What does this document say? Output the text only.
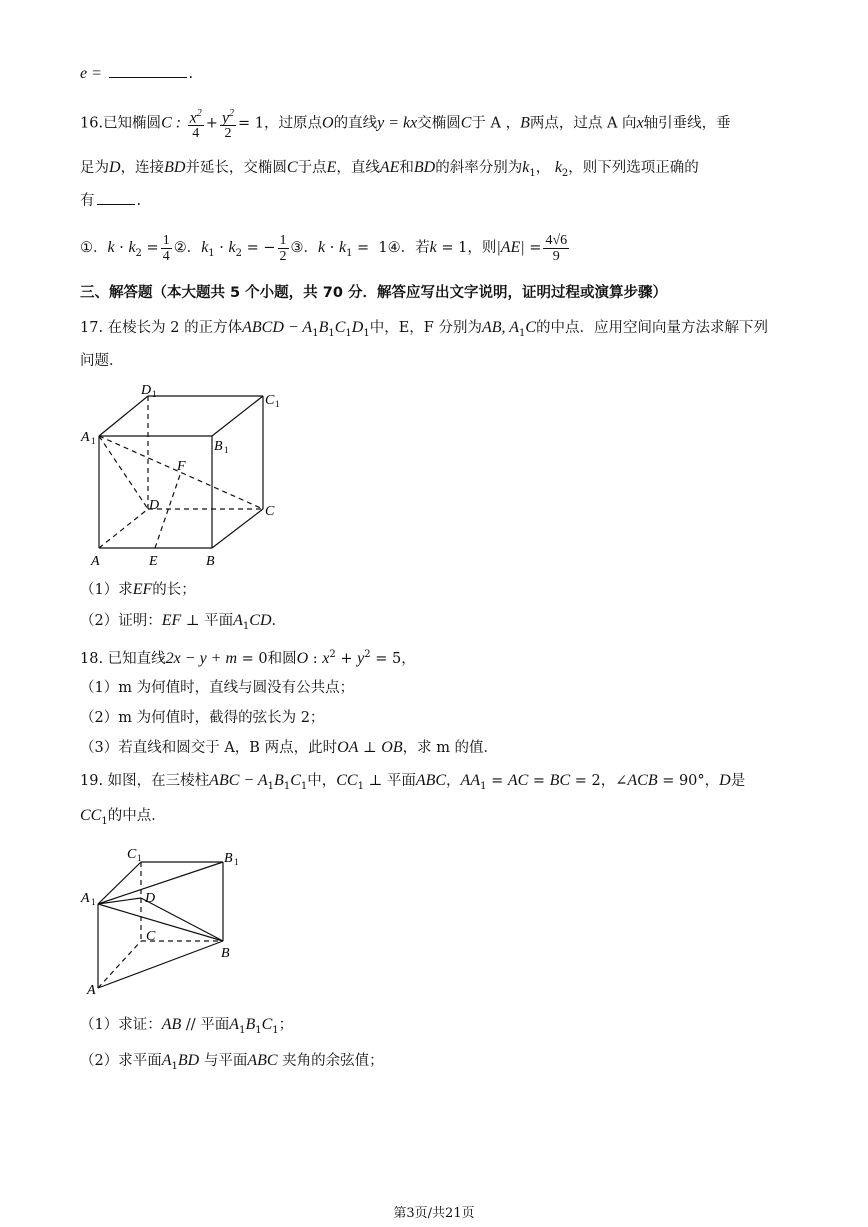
e =	.
16.已知椭圆C : $\frac{x^2}{4} + \frac{y^2}{2} = 1$，过原点O的直线y = kx交椭圆C于 A ，B两点，过点 A 向x轴引垂线，垂
足为D，连接BD并延长，交椭圆C于点E，直线AE和BD的斜率分别为$k_1$， $k_2$，则下列选项正确的
有	.
①．$k \cdot k_2 = \frac{1}{4}$ ②．$k_1 \cdot k_2$ = − $\frac{1}{2}$ ③．$k \cdot k_1$ =  1④．若k = 1，则$|AE| = \frac{4√6}{9}$
三、解答题（本大题共 5 个小题，共 70 分．解答应写出文字说明，证明过程或演算步骤）
17. 在棱长为 2 的正方体ABCD − $A_1B_1C_1D_1$中，E，F 分别为AB, $A_1C$的中点．应用空间向量方法求解下列
问题．
D 1	C 1
A 1	B 1
F
D	C
A	E	B
（1）求EF的长；
（2）证明：EF ⊥ 平面$A_1CD$．
18. 已知直线2x − y + m = 0和圆O : $x^2 + y^2 = 5$，
（1）m 为何值时，直线与圆没有公共点；
（2）m 为何值时，截得的弦长为 2；
（3）若直线和圆交于 A，B 两点，此时OA ⊥ OB，求 m 的值．
19. 如图，在三棱柱ABC − $A_1B_1C_1$中，$CC_1$ ⊥ 平面ABC，$AA_1$ = AC = BC = 2，∠ACB = 90°，D是
$CC_1$的中点．
C 1	B 1
A 1	D
C
B
A
（1）求证：AB // 平面$A_1B_1C_1$；
（2）求平面$A_1BD$ 与平面ABC 夹角的余弦值；
第3页/共21页
